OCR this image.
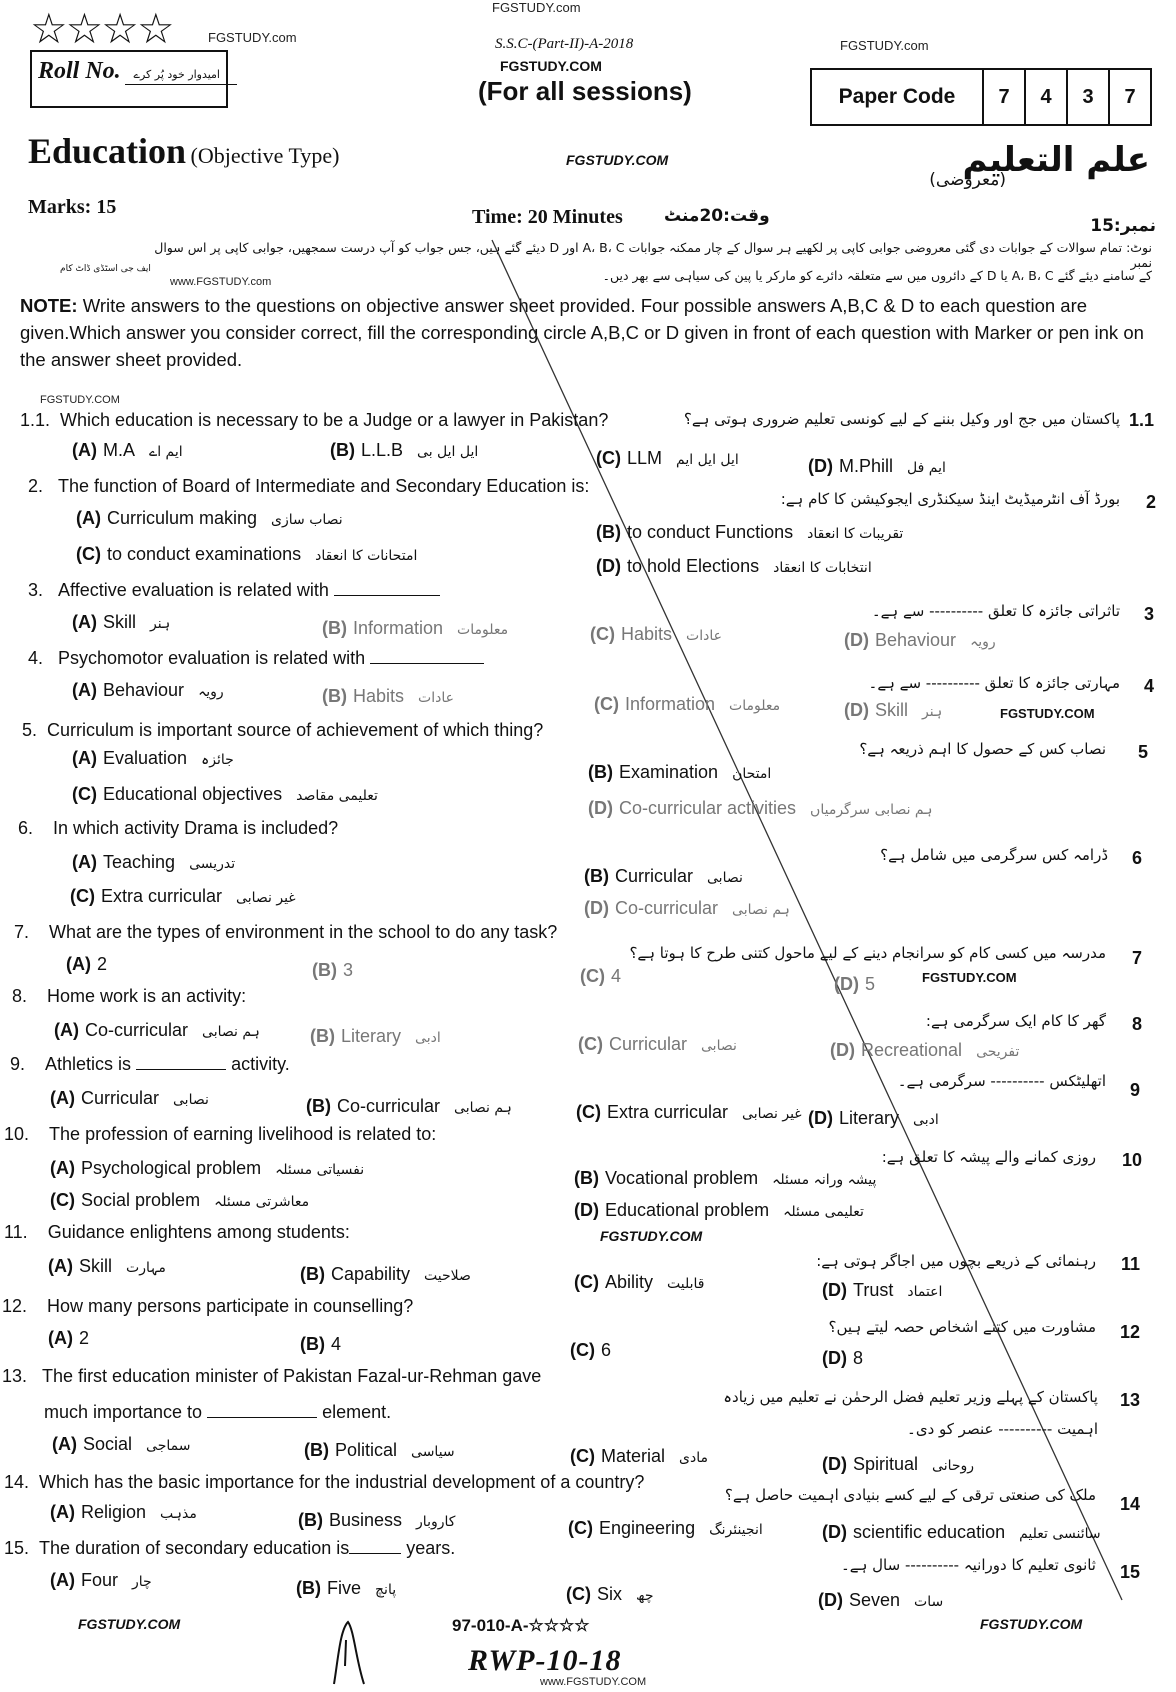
FGSTUDY.com
☆☆☆☆	FGSTUDY.com
Roll No.	امیدوار خود پُر کرے
S.S.C-(Part-II)-A-2018
FGSTUDY.COM
(For all sessions)
FGSTUDY.com
Paper Code	7	4	3	7
Education (Objective Type)	FGSTUDY.COM	علم التعلیم
(معروضی)
Marks: 15	Time: 20 Minutes وقت:20منٹ	نمبر:15
نوٹ: تمام سوالات کے جوابات دی گئی معروضی جوابی کاپی پر لکھیے ہر سوال کے چار ممکنہ جوابات A، B، C اور D دیئے گئے ہیں، جس جواب کو آپ درست سمجھیں، جوابی کاپی پر اس سوال نمبر
ایف جی اسٹڈی ڈاٹ کام	کے سامنے دیئے گئے A، B، C یا D کے دائروں میں سے متعلقہ دائرے کو مارکر یا پین کی سیاہی سے بھر دیں۔
www.FGSTUDY.com
NOTE: Write answers to the questions on objective answer sheet provided. Four possible answers A,B,C & D to each question are given.Which answer you consider correct, fill the corresponding circle A,B,C or D given in front of each question with Marker or pen ink on the answer sheet provided.
FGSTUDY.COM
1.1. Which education is necessary to be a Judge or a lawyer in Pakistan?	پاکستان میں جج اور وکیل بننے کے لیے کونسی تعلیم ضروری ہوتی ہے؟ 1.1
(A) M.A ایم اے	(B) L.L.B ایل ایل بی	(C) LLM ایل ایل ایم	(D) M.Phill ایم فل
2. The function of Board of Intermediate and Secondary Education is:
بورڈ آف انٹرمیڈیٹ اینڈ سیکنڈری ایجوکیشن کا کام ہے: 2
(A) Curriculum making نصاب سازی
(B) to conduct Functions تقریبات کا انعقاد
(C) to conduct examinations امتحانات کا انعقاد	(D) to hold Elections انتخابات کا انعقاد
3. Affective evaluation is related with
تاثراتی جائزہ کا تعلق ---------- سے ہے۔ 3
(A) Skill ہنر	(B) Information معلومات	(C) Habits عادات	(D) Behaviour رویہ
4. Psychomotor evaluation is related with
مہارتی جائزہ کا تعلق ---------- سے ہے۔ 4
(A) Behaviour رویہ	(B) Habits عادات	(C) Information معلومات	(D) Skill ہنر	FGSTUDY.COM
5. Curriculum is important source of achievement of which thing?
نصاب کس کے حصول کا اہم ذریعہ ہے؟ 5
(A) Evaluation جائزہ
(B) Examination امتحان
(C) Educational objectives تعلیمی مقاصد
(D) Co-curricular activities ہم نصابی سرگرمیاں
6. In which activity Drama is included?
ڈرامہ کس سرگرمی میں شامل ہے؟ 6
(A) Teaching تدریسی
(B) Curricular نصابی
(C) Extra curricular غیر نصابی	(D) Co-curricular ہم نصابی
7. What are the types of environment in the school to do any task?
مدرسہ میں کسی کام کو سرانجام دینے کے لیے ماحول کتنی طرح کا ہوتا ہے؟ 7
(A) 2	(B) 3	(C) 4	(D) 5	FGSTUDY.COM
8. Home work is an activity:
گھر کا کام ایک سرگرمی ہے: 8
(A) Co-curricular ہم نصابی	(B) Literary ادبی	(C) Curricular نصابی	(D) Recreational تفریحی
9. Athletics is	activity.
اتھلیٹکس ---------- سرگرمی ہے۔ 9
(A) Curricular نصابی	(B) Co-curricular ہم نصابی	(C) Extra curricular غیر نصابی (D) Literary ادبی
10. The profession of earning livelihood is related to:
روزی کمانے والے پیشہ کا تعلق ہے: 10
(A) Psychological problem نفسیاتی مسئلہ	(B) Vocational problem پیشہ ورانہ مسئلہ
(C) Social problem معاشرتی مسئلہ	(D) Educational problem تعلیمی مسئلہ
FGSTUDY.COM
11. Guidance enlightens among students:
رہنمائی کے ذریعے بچوں میں اجاگر ہوتی ہے: 11
(A) Skill مہارت	(B) Capability صلاحیت	(C) Ability قابلیت	(D) Trust اعتماد
12. How many persons participate in counselling?
مشاورت میں کتنے اشخاص حصہ لیتے ہیں؟ 12
(A) 2	(B) 4	(C) 6	(D) 8
13. The first education minister of Pakistan Fazal-ur-Rehman gave
much importance to	element.
پاکستان کے پہلے وزیر تعلیم فضل الرحمٰن نے تعلیم میں زیادہ
اہمیت ---------- عنصر کو دی۔
13
(A) Social سماجی	(B) Political سیاسی	(C) Material مادی	(D) Spiritual روحانی
14. Which has the basic importance for the industrial development of a country?
ملک کی صنعتی ترقی کے لیے کسے بنیادی اہمیت حاصل ہے؟ 14
(A) Religion مذہب	(B) Business کاروبار	(C) Engineering انجینئرنگ	(D) scientific education سائنسی تعلیم
15. The duration of secondary education is	years.
ثانوی تعلیم کا دورانیہ ---------- سال ہے۔ 15
(A) Four چار	(B) Five پانچ	(C) Six چھ	(D) Seven سات
FGSTUDY.COM	97-010-A-☆☆☆☆	FGSTUDY.COM
RWP-10-18
www.FGSTUDY.COM
